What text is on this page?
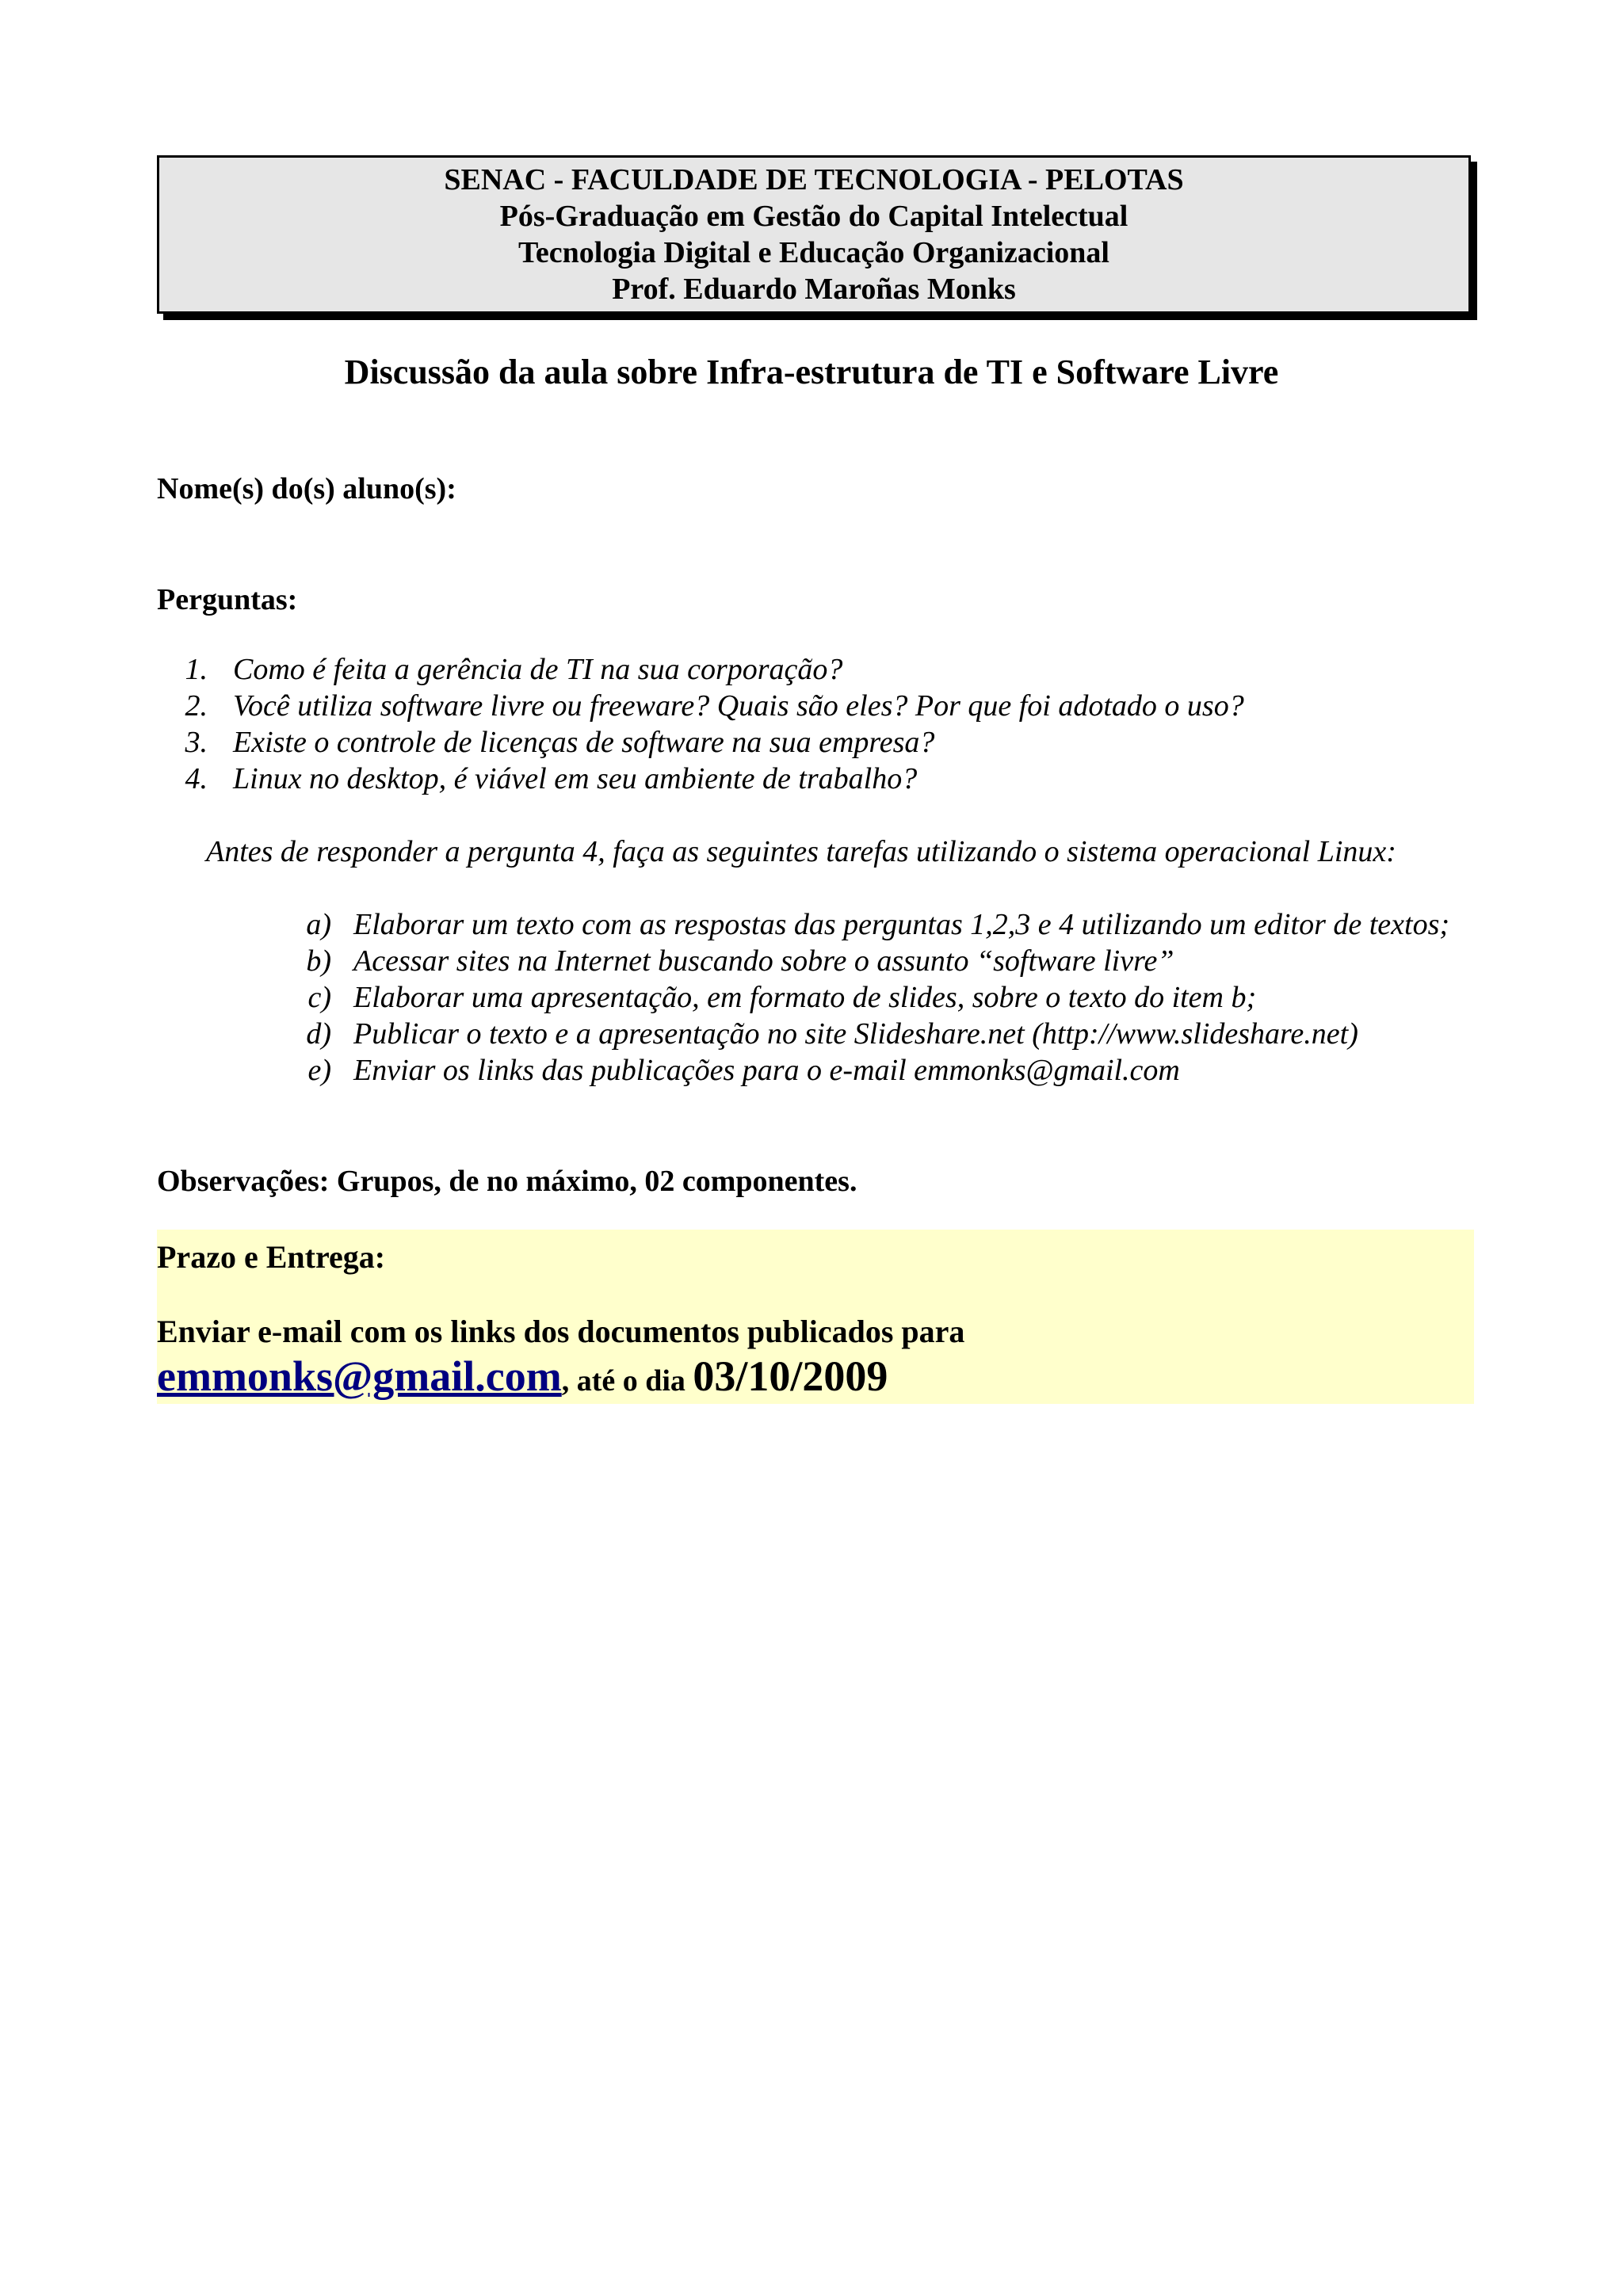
SENAC - FACULDADE DE TECNOLOGIA - PELOTAS
Pós-Graduação em Gestão do Capital Intelectual
Tecnologia Digital e Educação Organizacional
Prof. Eduardo Maroñas Monks
Discussão da aula sobre Infra-estrutura de TI e Software Livre
Nome(s) do(s) aluno(s):
Perguntas:
1. Como é feita a gerência de TI na sua corporação?
2. Você utiliza software livre ou freeware? Quais são eles? Por que foi adotado o uso?
3. Existe o controle de licenças de software na sua empresa?
4. Linux no desktop, é viável em seu ambiente de trabalho?
Antes de responder a pergunta 4, faça as seguintes tarefas utilizando o sistema operacional Linux:
a) Elaborar um texto com as respostas das perguntas 1,2,3 e 4 utilizando um editor de textos;
b) Acessar sites na Internet buscando sobre o assunto “software livre”
c) Elaborar uma apresentação, em formato de slides, sobre o texto do item b;
d) Publicar o texto e a apresentação no site Slideshare.net (http://www.slideshare.net)
e) Enviar os links das publicações para o e-mail emmonks@gmail.com
Observações: Grupos, de no máximo, 02 componentes.
Prazo e Entrega:
Enviar e-mail com os links dos documentos publicados para
emmonks@gmail.com, até o dia 03/10/2009
